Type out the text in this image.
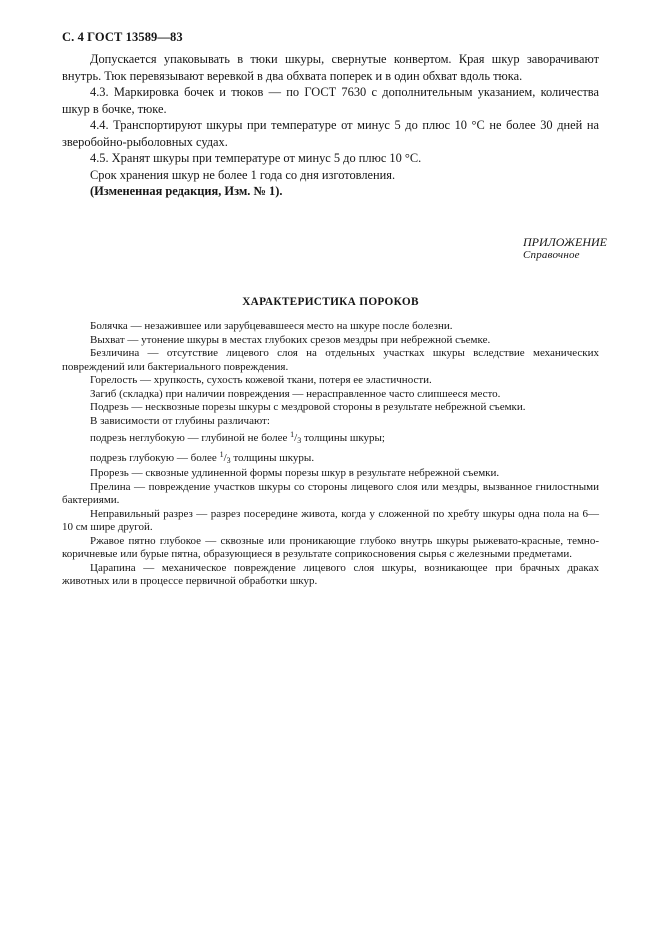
С. 4 ГОСТ 13589—83

Допускается упаковывать в тюки шкуры, свернутые конвертом. Края шкур заворачивают внутрь. Тюк перевязывают веревкой в два обхвата поперек и в один обхват вдоль тюка.

4.3. Маркировка бочек и тюков — по ГОСТ 7630 с дополнительным указанием, количества шкур в бочке, тюке.

4.4. Транспортируют шкуры при температуре от минус 5 до плюс 10 °С не более 30 дней на зверобойно-рыболовных судах.

4.5. Хранят шкуры при температуре от минус 5 до плюс 10 °С.

Срок хранения шкур не более 1 года со дня изготовления.

(Измененная редакция, Изм. № 1).

ПРИЛОЖЕНИЕ
Справочное
ХАРАКТЕРИСТИКА ПОРОКОВ

Болячка — незажившее или зарубцевавшееся место на шкуре после болезни.

Выхват — утонение шкуры в местах глубоких срезов мездры при небрежной съемке.

Безличина — отсутствие лицевого слоя на отдельных участках шкуры вследствие механических повреждений или бактериального повреждения.

Горелость — хрупкость, сухость кожевой ткани, потеря ее эластичности.

Загиб (складка) при наличии повреждения — нерасправленное часто слипшееся место.

Подрезь — несквозные порезы шкуры с мездровой стороны в результате небрежной съемки.

В зависимости от глубины различают:

подрезь неглубокую — глубиной не более 1/3 толщины шкуры;

подрезь глубокую — более 1/3 толщины шкуры.

Прорезь — сквозные удлиненной формы порезы шкур в результате небрежной съемки.

Прелина — повреждение участков шкуры со стороны лицевого слоя или мездры, вызванное гнилостными бактериями.

Неправильный разрез — разрез посередине живота, когда у сложенной по хребту шкуры одна пола на 6—10 см шире другой.

Ржавое пятно глубокое — сквозные или проникающие глубоко внутрь шкуры рыжевато-красные, темно-коричневые или бурые пятна, образующиеся в результате соприкосновения сырья с железными предметами.

Царапина — механическое повреждение лицевого слоя шкуры, возникающее при брачных драках животных или в процессе первичной обработки шкур.
